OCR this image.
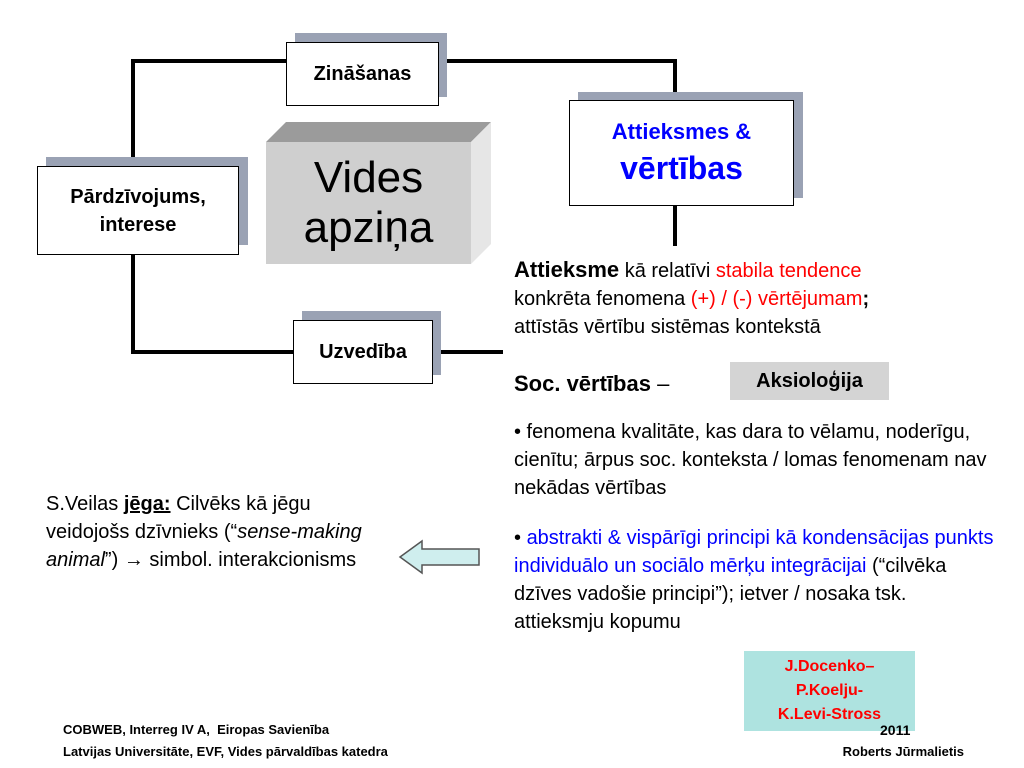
Zināšanas
Attieksmes &
vērtības
Pārdzīvojums,
interese
Vides
apziņa
Uzvedība
Attieksme kā relatīvi stabila tendence
konkrēta fenomena (+) / (-) vērtējumam;
attīstās vērtību sistēmas kontekstā
Soc. vērtības –	Aksioloģija
• fenomena kvalitāte, kas dara to vēlamu, noderīgu, cienītu; ārpus soc. konteksta / lomas fenomenam nav nekādas vērtības
• abstrakti & vispārīgi principi kā kondensācijas punkts individuālo un sociālo mērķu integrācijai (“cilvēka dzīves vadošie principi”); ietver / nosaka tsk. attieksmju kopumu
S.Veilas jēga: Cilvēks kā jēgu veidojošs dzīvnieks (“sense-making animal”) → simbol. interakcionisms
J.Docenko–
P.Koelju-
K.Levi-Stross
COBWEB, Interreg IV A,  Eiropas Savienība
Latvijas Universitāte, EVF, Vides pārvaldības katedra
2011
Roberts Jūrmalietis
